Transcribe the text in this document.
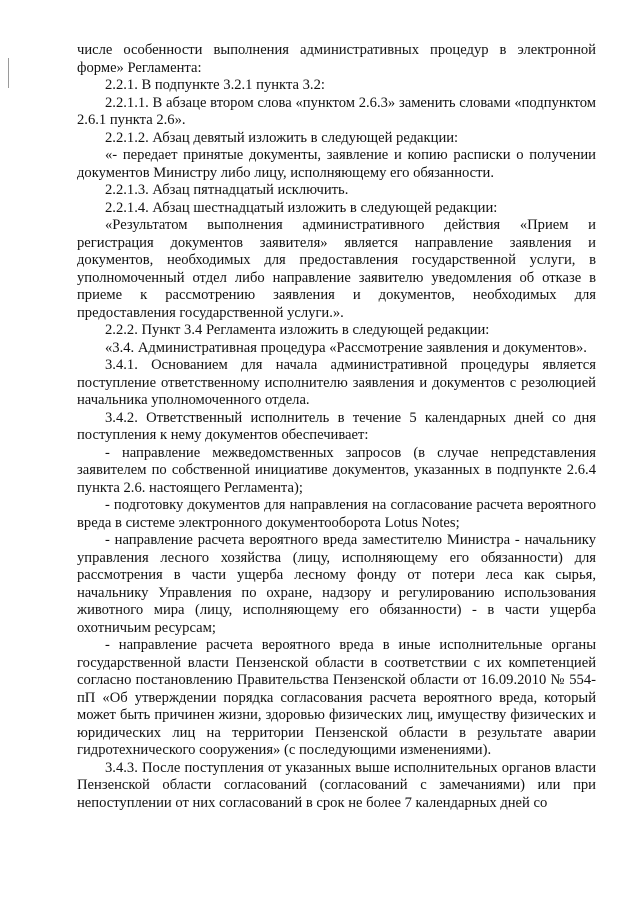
числе особенности выполнения административных процедур в электронной форме» Регламента:

2.2.1. В подпункте 3.2.1 пункта 3.2:

2.2.1.1. В абзаце втором слова «пунктом 2.6.3» заменить словами «подпунктом 2.6.1 пункта 2.6».

2.2.1.2. Абзац девятый изложить в следующей редакции:

«- передает принятые документы, заявление и копию расписки о получении документов Министру либо лицу, исполняющему его обязанности.

2.2.1.3. Абзац пятнадцатый исключить.

2.2.1.4. Абзац шестнадцатый изложить в следующей редакции:

«Результатом выполнения административного действия «Прием и регистрация документов заявителя» является направление заявления и документов, необходимых для предоставления государственной услуги, в уполномоченный отдел либо направление заявителю уведомления об отказе в приеме к рассмотрению заявления и документов, необходимых для предоставления государственной услуги.».

2.2.2. Пункт 3.4 Регламента изложить в следующей редакции:

«3.4. Административная процедура «Рассмотрение заявления и документов».

3.4.1. Основанием для начала административной процедуры является поступление ответственному исполнителю заявления и документов с резолюцией начальника уполномоченного отдела.

3.4.2. Ответственный исполнитель в течение 5 календарных дней со дня поступления к нему документов обеспечивает:

- направление межведомственных запросов (в случае непредставления заявителем по собственной инициативе документов, указанных в подпункте 2.6.4 пункта 2.6. настоящего Регламента);

- подготовку документов для направления на согласование расчета вероятного вреда в системе электронного документооборота Lotus Notes;

- направление расчета вероятного вреда заместителю Министра - начальнику управления лесного хозяйства (лицу, исполняющему его обязанности) для рассмотрения в части ущерба лесному фонду от потери леса как сырья, начальнику Управления по охране, надзору и регулированию использования животного мира (лицу, исполняющему его обязанности) - в части ущерба охотничьим ресурсам;

- направление расчета вероятного вреда в иные исполнительные органы государственной власти Пензенской области в соответствии с их компетенцией согласно постановлению Правительства Пензенской области от 16.09.2010 № 554-пП «Об утверждении порядка согласования расчета вероятного вреда, который может быть причинен жизни, здоровью физических лиц, имуществу физических и юридических лиц на территории Пензенской области в результате аварии гидротехнического сооружения» (с последующими изменениями).

3.4.3. После поступления от указанных выше исполнительных органов власти Пензенской области согласований (согласований с замечаниями) или при непоступлении от них согласований в срок не более 7 календарных дней со
